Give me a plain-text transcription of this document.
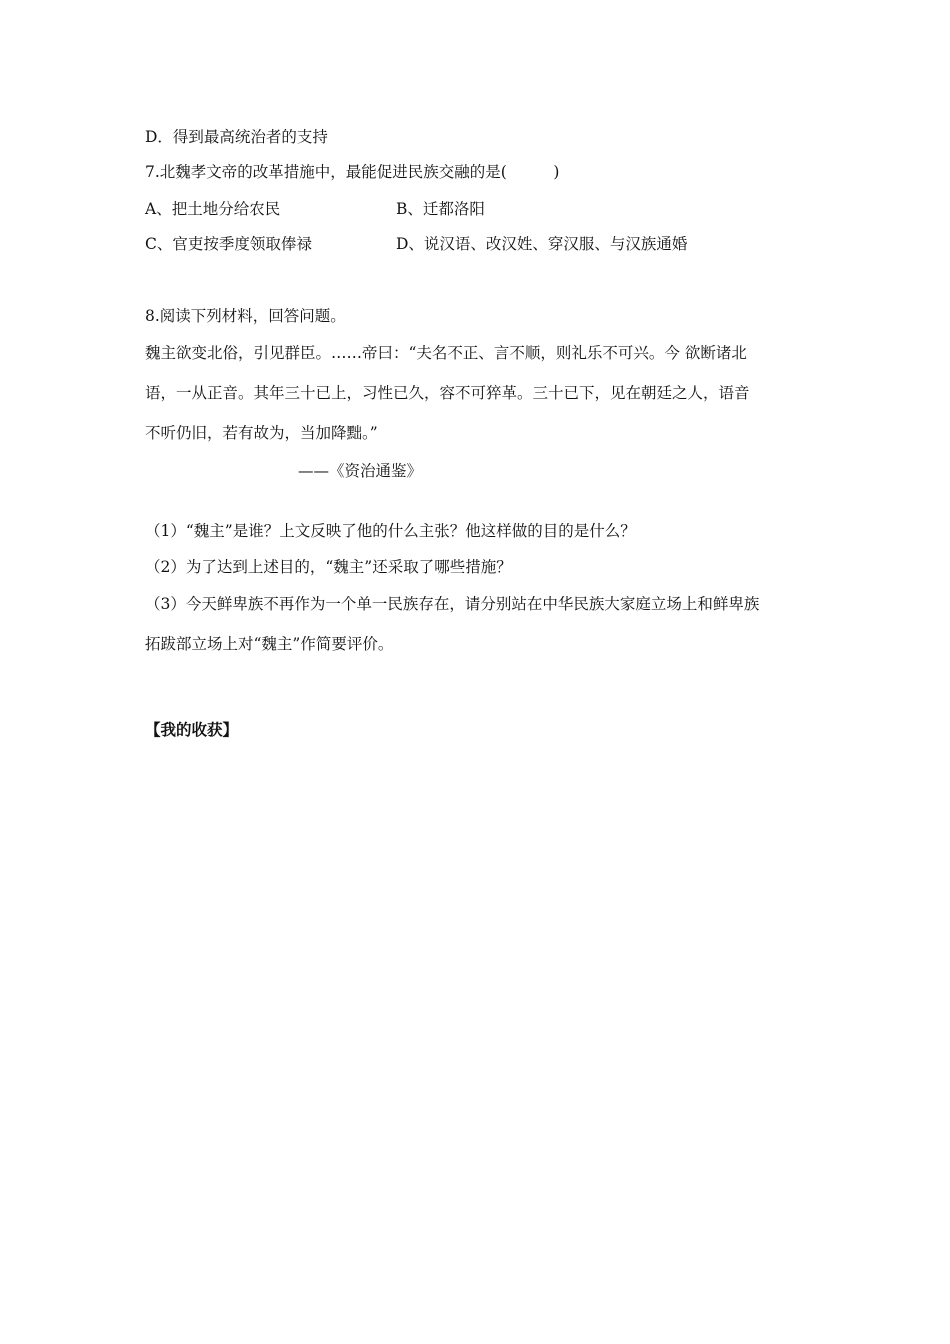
D．得到最高统治者的支持
7.北魏孝文帝的改革措施中，最能促进民族交融的是(　　　)
A、把土地分给农民	B、迁都洛阳
C、官吏按季度领取俸禄	D、说汉语、改汉姓、穿汉服、与汉族通婚
8.阅读下列材料，回答问题。
魏主欲变北俗，引见群臣。……帝曰：“夫名不正、言不顺，则礼乐不可兴。今 欲断诸北
语，一从正音。其年三十已上，习性已久，容不可猝革。三十已下，见在朝廷之人，语音
不听仍旧，若有故为，当加降黜。”
——《资治通鉴》
（1）“魏主”是谁？上文反映了他的什么主张？他这样做的目的是什么？
（2）为了达到上述目的，“魏主”还采取了哪些措施？
（3）今天鲜卑族不再作为一个单一民族存在，请分别站在中华民族大家庭立场上和鲜卑族
拓跋部立场上对“魏主”作简要评价。
【我的收获】
